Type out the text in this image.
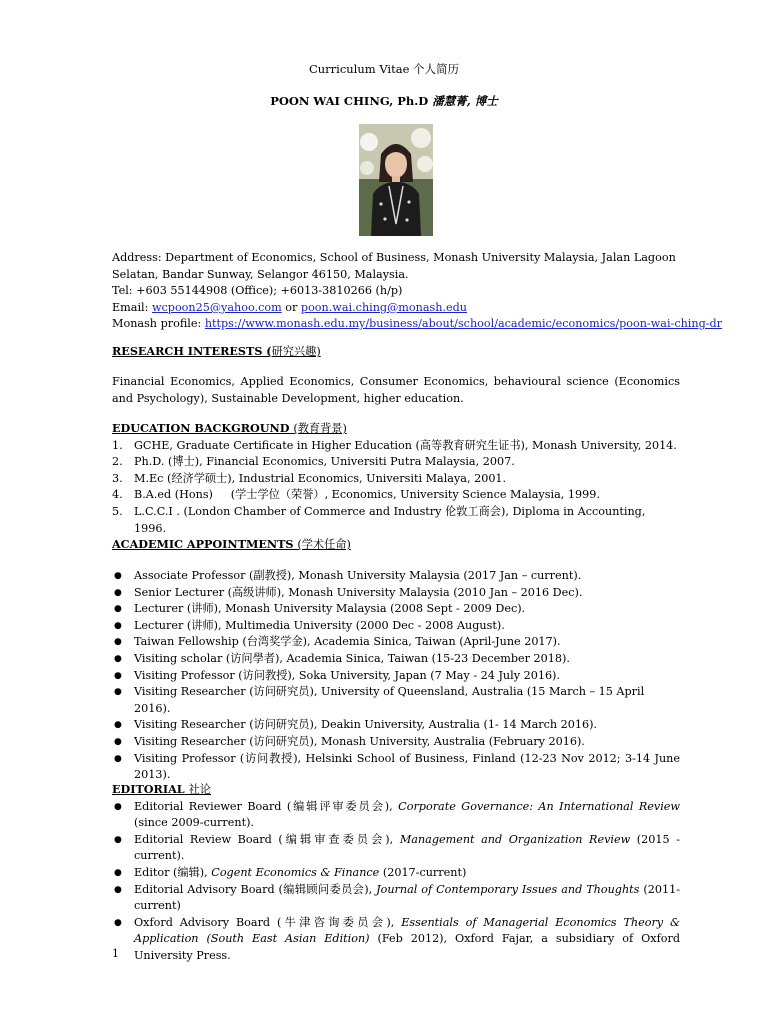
Curriculum Vitae 个人简历
POON WAI CHING, Ph.D 潘慧菁, 博士

Address: Department of Economics, School of Business, Monash University Malaysia, Jalan Lagoon

Selatan, Bandar Sunway, Selangor 46150, Malaysia.

Tel: +603 55144908 (Office); +6013-3810266 (h/p)

Email: wcpoon25@yahoo.com or poon.wai.ching@monash.edu

Monash profile: https://www.monash.edu.my/business/about/school/academic/economics/poon-wai-ching-dr

RESEARCH INTERESTS (研究兴趣)

Financial Economics, Applied Economics, Consumer Economics, behavioural science (Economics and Psychology), Sustainable Development, higher education.

EDUCATION BACKGROUND (教育背景)

1. GCHE, Graduate Certificate in Higher Education (高等教育研究生证书), Monash University, 2014.
2. Ph.D. (博士), Financial Economics, Universiti Putra Malaysia, 2007.
3. M.Ec (经济学硕士), Industrial Economics, Universiti Malaya, 2001.
4. B.A.ed (Hons)     (学士学位（荣誉）, Economics, University Science Malaysia, 1999.
5. L.C.C.I . (London Chamber of Commerce and Industry 伦敦工商会), Diploma in Accounting, 1996.

ACADEMIC APPOINTMENTS (学术任命)

● Associate Professor (副教授), Monash University Malaysia (2017 Jan – current).
● Senior Lecturer (高级讲师), Monash University Malaysia (2010 Jan – 2016 Dec).
● Lecturer (讲师), Monash University Malaysia (2008 Sept - 2009 Dec).
● Lecturer (讲师), Multimedia University (2000 Dec - 2008 August).
● Taiwan Fellowship (台湾奖学金), Academia Sinica, Taiwan (April-June 2017).
● Visiting scholar (访问學者), Academia Sinica, Taiwan (15-23 December 2018).
● Visiting Professor (访问教授), Soka University, Japan (7 May - 24 July 2016).
● Visiting Researcher (访问研究员), University of Queensland, Australia (15 March – 15 April 2016).
● Visiting Researcher (访问研究员), Deakin University, Australia (1- 14 March 2016).
● Visiting Researcher (访问研究员), Monash University, Australia (February 2016).
● Visiting Professor (访问教授), Helsinki School of Business, Finland (12-23 Nov 2012; 3-14 June 2013).

EDITORIAL 社论

● Editorial Reviewer Board (编辑评审委员会), Corporate Governance: An International Review (since 2009-current).
● Editorial Review Board (编辑审查委员会), Management and Organization Review (2015 - current).
● Editor (编辑), Cogent Economics & Finance (2017-current)
● Editorial Advisory Board (编辑顾问委员会), Journal of Contemporary Issues and Thoughts (2011-current)
● Oxford Advisory Board (牛津咨询委员会), Essentials of Managerial Economics Theory & Application (South East Asian Edition) (Feb 2012), Oxford Fajar, a subsidiary of Oxford University Press.
1
